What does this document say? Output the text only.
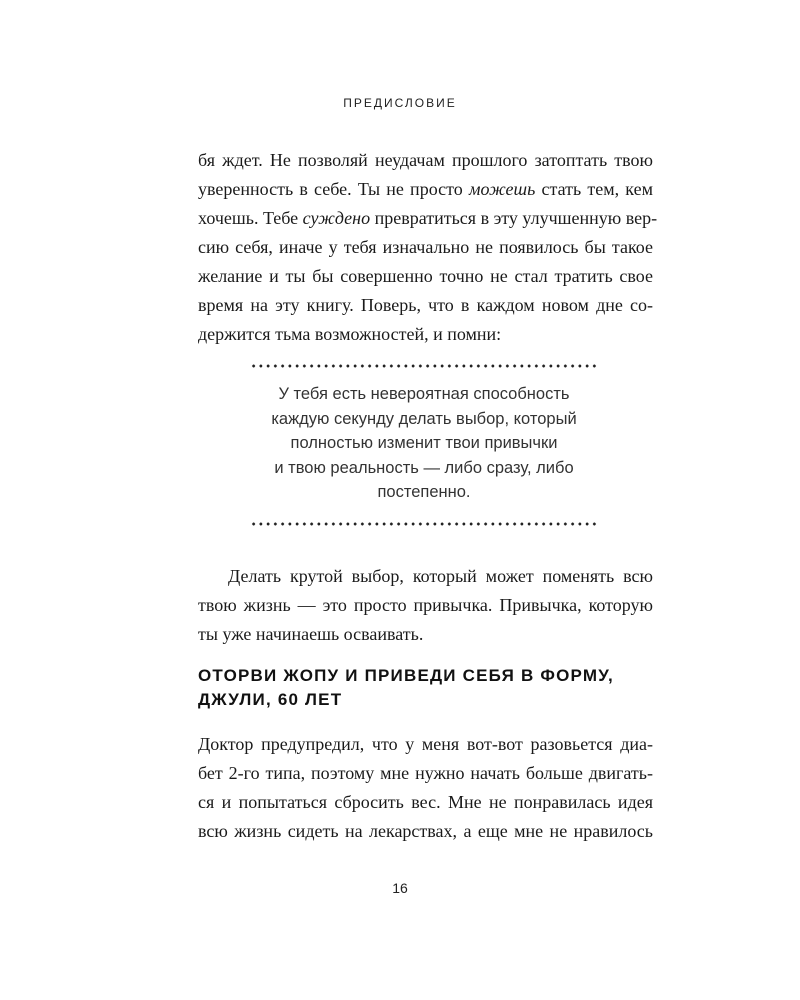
ПРЕДИСЛОВИЕ
бя ждет. Не позволяй неудачам прошлого затоптать твою
уверенность в себе. Ты не просто можешь стать тем, кем
хочешь. Тебе суждено превратиться в эту улучшенную вер-
сию себя, иначе у тебя изначально не появилось бы такое
желание и ты бы совершенно точно не стал тратить свое
время на эту книгу. Поверь, что в каждом новом дне со-
держится тьма возможностей, и помни:
У тебя есть невероятная способность
каждую секунду делать выбор, который
полностью изменит твои привычки
и твою реальность — либо сразу, либо
постепенно.
Делать крутой выбор, который может поменять всю
твою жизнь — это просто привычка. Привычка, которую
ты уже начинаешь осваивать.
ОТОРВИ ЖОПУ И ПРИВЕДИ СЕБЯ В ФОРМУ,
ДЖУЛИ, 60 ЛЕТ
Доктор предупредил, что у меня вот-вот разовьется диа-
бет 2-го типа, поэтому мне нужно начать больше двигать-
ся и попытаться сбросить вес. Мне не понравилась идея
всю жизнь сидеть на лекарствах, а еще мне не нравилось
16
